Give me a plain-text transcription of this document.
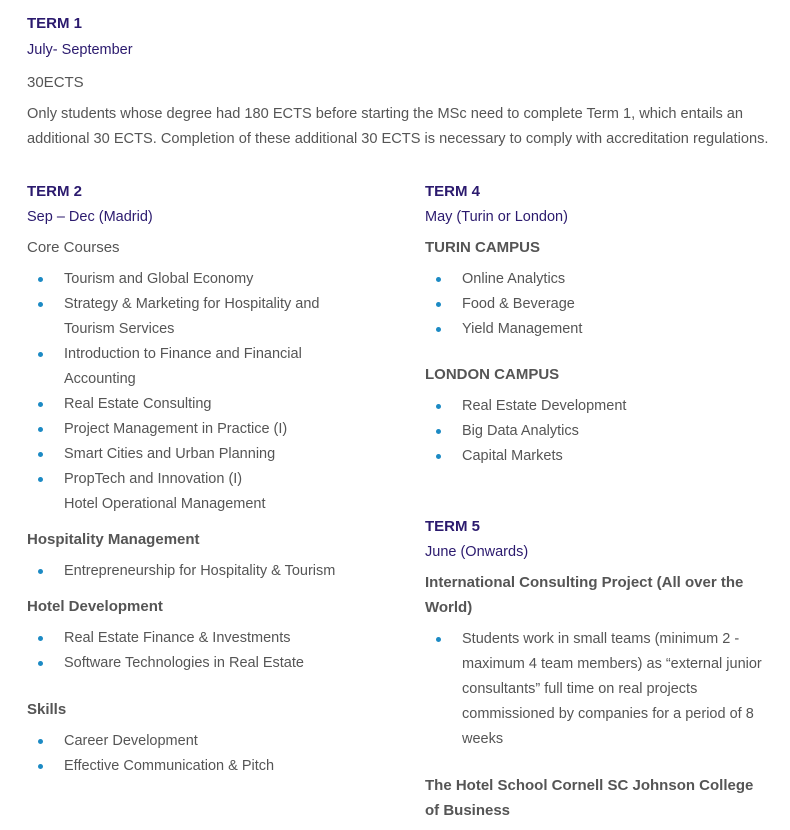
TERM 1

July- September

30ECTS

Only students whose degree had 180 ECTS before starting the MSc need to complete Term 1, which entails an additional 30 ECTS. Completion of these additional 30 ECTS is necessary to comply with accreditation regulations.

TERM 2

Sep – Dec (Madrid)

Core Courses

Tourism and Global Economy
Strategy & Marketing for Hospitality and Tourism Services
Introduction to Finance and Financial Accounting
Real Estate Consulting
Project Management in Practice (I)
Smart Cities and Urban Planning
PropTech and Innovation (I)
Hotel Operational Management

Hospitality Management

Entrepreneurship for Hospitality & Tourism

Hotel Development

Real Estate Finance & Investments
Software Technologies in Real Estate

Skills

Career Development
Effective Communication & Pitch

TERM 4

May (Turin or London)

TURIN CAMPUS

Online Analytics
Food & Beverage
Yield Management

LONDON CAMPUS

Real Estate Development
Big Data Analytics
Capital Markets

TERM 5

June (Onwards)

International Consulting Project (All over the World)

Students work in small teams (minimum 2 - maximum 4 team members) as “external junior consultants” full time on real projects commissioned by companies for a period of 8 weeks

The Hotel School Cornell SC Johnson College of Business
